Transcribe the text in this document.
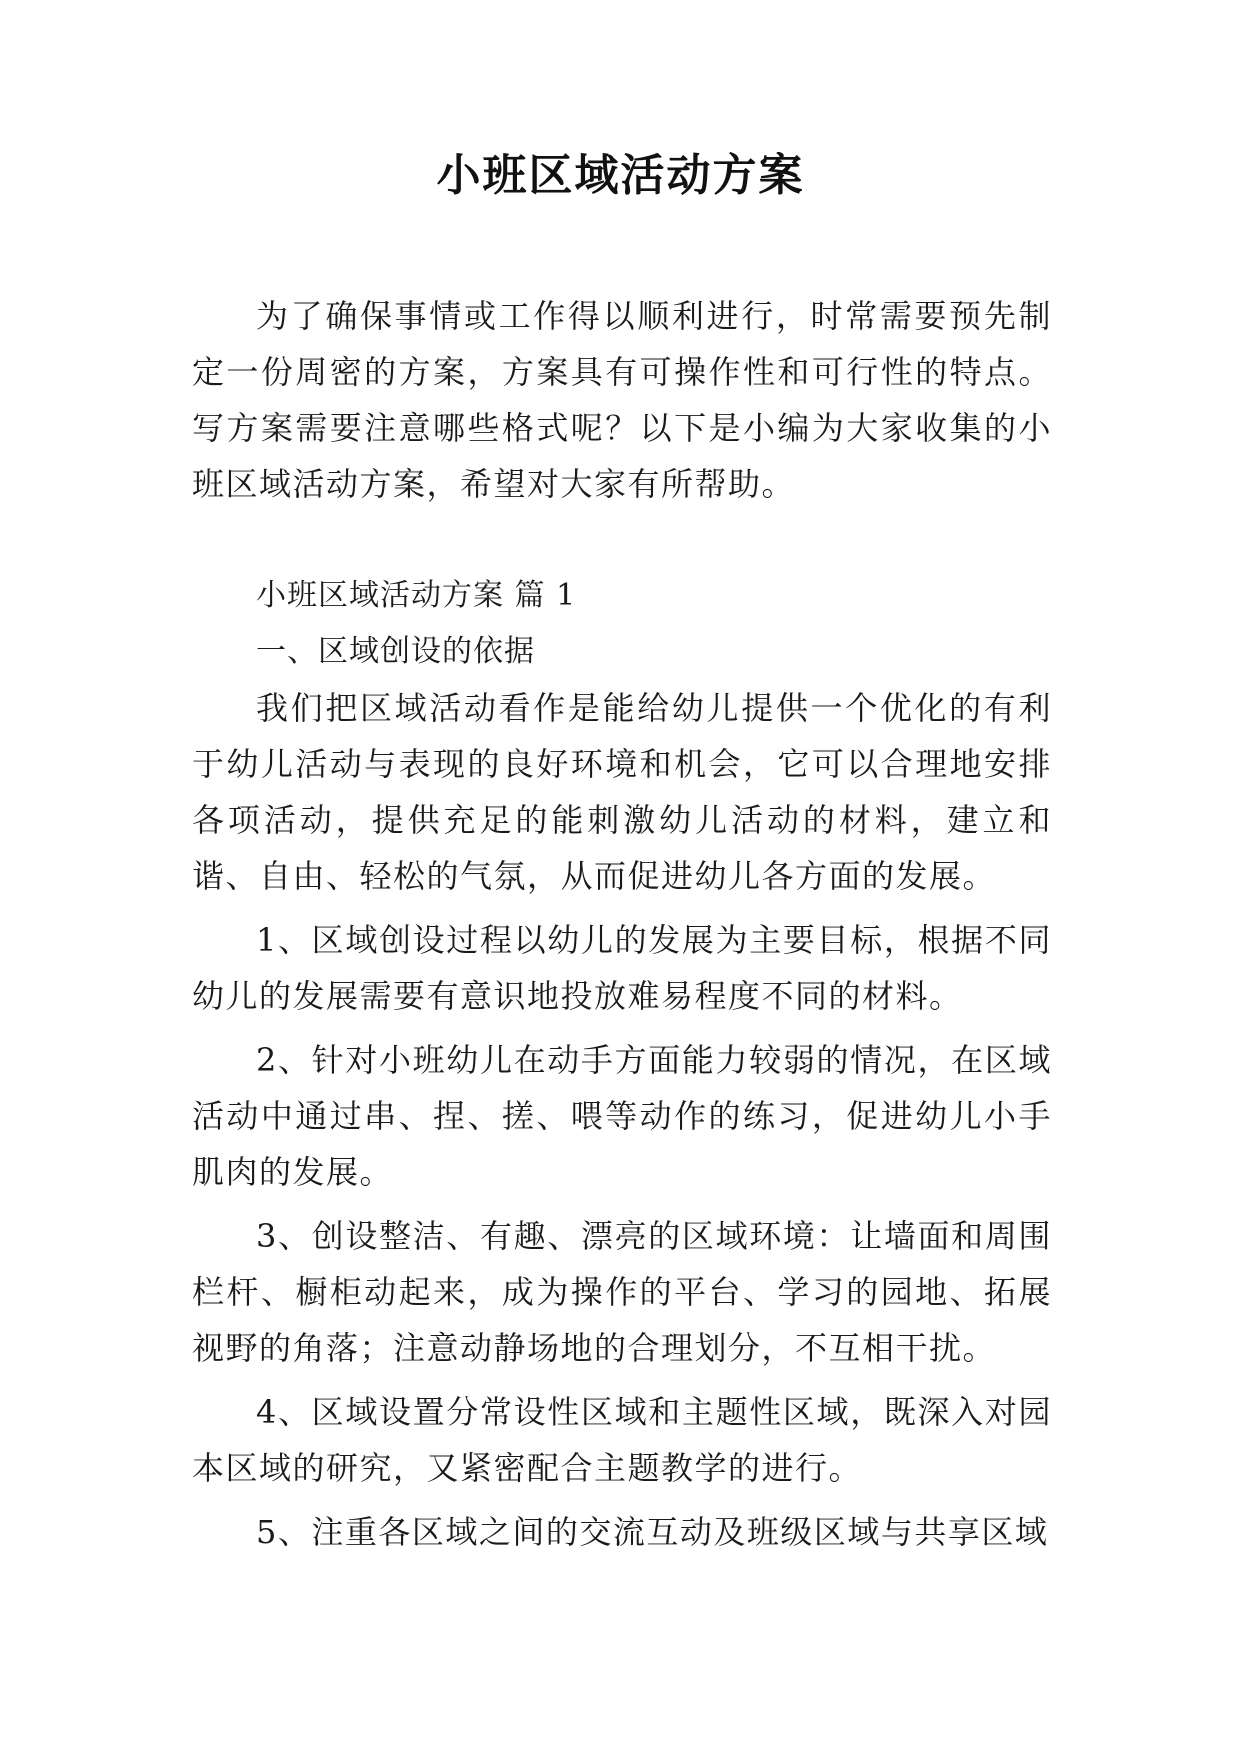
小班区域活动方案

为了确保事情或工作得以顺利进行，时常需要预先制定一份周密的方案，方案具有可操作性和可行性的特点。写方案需要注意哪些格式呢？以下是小编为大家收集的小班区域活动方案，希望对大家有所帮助。

小班区域活动方案 篇 1

一、区域创设的依据

我们把区域活动看作是能给幼儿提供一个优化的有利于幼儿活动与表现的良好环境和机会，它可以合理地安排各项活动，提供充足的能刺激幼儿活动的材料，建立和谐、自由、轻松的气氛，从而促进幼儿各方面的发展。

1、区域创设过程以幼儿的发展为主要目标，根据不同幼儿的发展需要有意识地投放难易程度不同的材料。

2、针对小班幼儿在动手方面能力较弱的情况，在区域活动中通过串、捏、搓、喂等动作的练习，促进幼儿小手肌肉的发展。

3、创设整洁、有趣、漂亮的区域环境：让墙面和周围栏杆、橱柜动起来，成为操作的平台、学习的园地、拓展视野的角落；注意动静场地的合理划分，不互相干扰。

4、区域设置分常设性区域和主题性区域，既深入对园本区域的研究，又紧密配合主题教学的进行。

5、注重各区域之间的交流互动及班级区域与共享区域
